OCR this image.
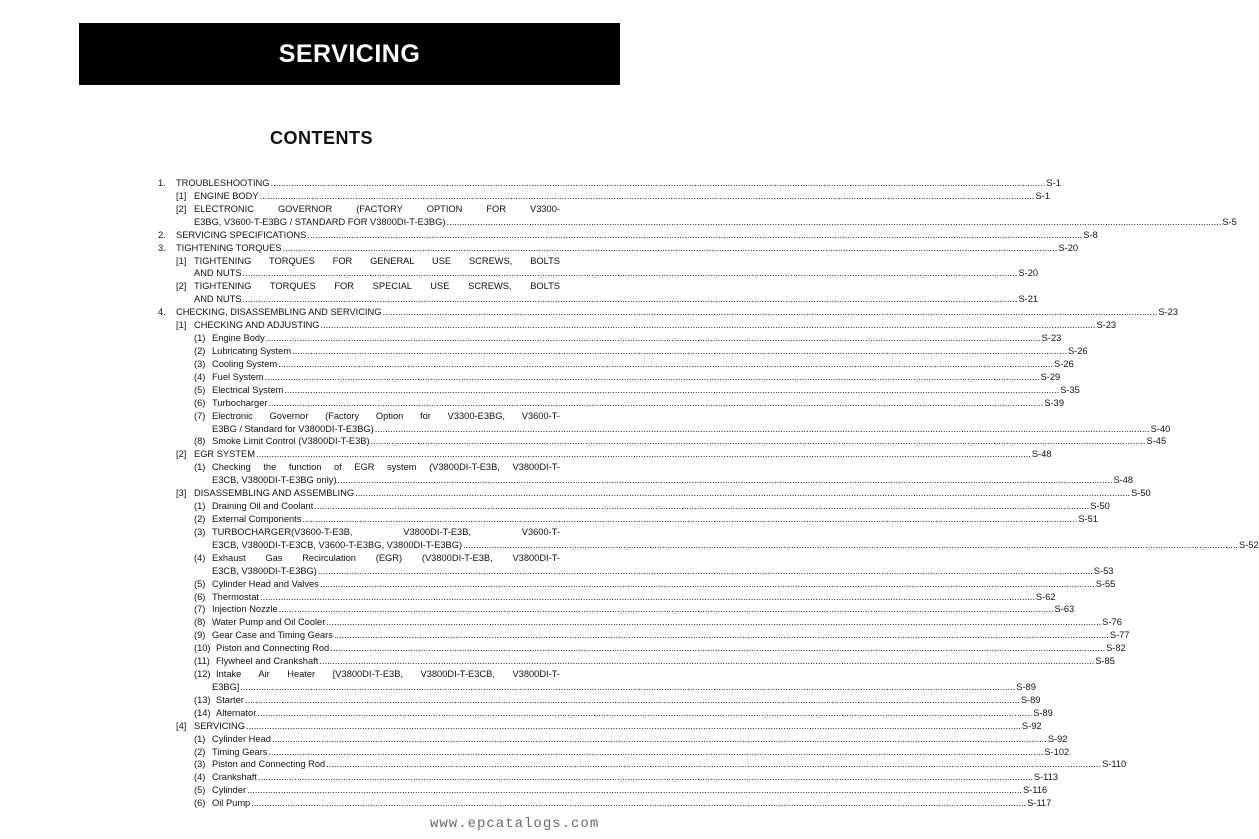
SERVICING
CONTENTS
1. TROUBLESHOOTING ............................................................................................................................................................................................................................................................................................................ S-1
[1] ENGINE BODY ............................................................................................................................................................................................................................................................................................................ S-1
[2] ELECTRONIC GOVERNOR (FACTORY OPTION FOR V3300-
E3BG, V3600-T-E3BG / STANDARD FOR V3800DI-T-E3BG) ............................................................................................................................................................................................................................................................................................................ S-5
2. SERVICING SPECIFICATIONS ............................................................................................................................................................................................................................................................................................................ S-8
3. TIGHTENING TORQUES ............................................................................................................................................................................................................................................................................................................ S-20
[1] TIGHTENING TORQUES FOR GENERAL USE SCREWS, BOLTS
AND NUTS ............................................................................................................................................................................................................................................................................................................ S-20
[2] TIGHTENING TORQUES FOR SPECIAL USE SCREWS, BOLTS
AND NUTS ............................................................................................................................................................................................................................................................................................................ S-21
4. CHECKING, DISASSEMBLING AND SERVICING ............................................................................................................................................................................................................................................................................................................ S-23
[1] CHECKING AND ADJUSTING ............................................................................................................................................................................................................................................................................................................ S-23
(1) Engine Body ............................................................................................................................................................................................................................................................................................................ S-23
(2) Lubricating System ............................................................................................................................................................................................................................................................................................................ S-26
(3) Cooling System ............................................................................................................................................................................................................................................................................................................ S-26
(4) Fuel System ............................................................................................................................................................................................................................................................................................................ S-29
(5) Electrical System ............................................................................................................................................................................................................................................................................................................ S-35
(6) Turbocharger ............................................................................................................................................................................................................................................................................................................ S-39
(7) Electronic Governor (Factory Option for V3300-E3BG, V3600-T-
E3BG / Standard for V3800DI-T-E3BG) ............................................................................................................................................................................................................................................................................................................ S-40
(8) Smoke Limit Control (V3800DI-T-E3B) ............................................................................................................................................................................................................................................................................................................ S-45
[2] EGR SYSTEM ............................................................................................................................................................................................................................................................................................................ S-48
(1) Checking the function of EGR system (V3800DI-T-E3B, V3800DI-T-
E3CB, V3800DI-T-E3BG only) ............................................................................................................................................................................................................................................................................................................ S-48
[3] DISASSEMBLING AND ASSEMBLING ............................................................................................................................................................................................................................................................................................................ S-50
(1) Draining Oil and Coolant ............................................................................................................................................................................................................................................................................................................ S-50
(2) External Components ............................................................................................................................................................................................................................................................................................................ S-51
(3) TURBOCHARGER(V3600-T-E3B, V3800DI-T-E3B, V3600-T-
E3CB, V3800DI-T-E3CB, V3600-T-E3BG, V3800DI-T-E3BG) ............................................................................................................................................................................................................................................................................................................ S-52
(4) Exhaust Gas Recirculation (EGR) (V3800DI-T-E3B, V3800DI-T-
E3CB, V3800DI-T-E3BG) ............................................................................................................................................................................................................................................................................................................ S-53
(5) Cylinder Head and Valves ............................................................................................................................................................................................................................................................................................................ S-55
(6) Thermostat ............................................................................................................................................................................................................................................................................................................ S-62
(7) Injection Nozzle ............................................................................................................................................................................................................................................................................................................ S-63
(8) Water Pump and Oil Cooler ............................................................................................................................................................................................................................................................................................................ S-76
(9) Gear Case and Timing Gears ............................................................................................................................................................................................................................................................................................................ S-77
(10) Piston and Connecting Rod ............................................................................................................................................................................................................................................................................................................ S-82
(11) Flywheel and Crankshaft ............................................................................................................................................................................................................................................................................................................ S-85
(12) Intake Air Heater [V3800DI-T-E3B, V3800DI-T-E3CB, V3800DI-T-
E3BG] ............................................................................................................................................................................................................................................................................................................ S-89
(13) Starter ............................................................................................................................................................................................................................................................................................................ S-89
(14) Alternator ............................................................................................................................................................................................................................................................................................................ S-89
[4] SERVICING ............................................................................................................................................................................................................................................................................................................ S-92
(1) Cylinder Head ............................................................................................................................................................................................................................................................................................................ S-92
(2) Timing Gears ............................................................................................................................................................................................................................................................................................................ S-102
(3) Piston and Connecting Rod ............................................................................................................................................................................................................................................................................................................ S-110
(4) Crankshaft ............................................................................................................................................................................................................................................................................................................ S-113
(5) Cylinder ............................................................................................................................................................................................................................................................................................................ S-116
(6) Oil Pump ............................................................................................................................................................................................................................................................................................................ S-117
www.epcatalogs.com
